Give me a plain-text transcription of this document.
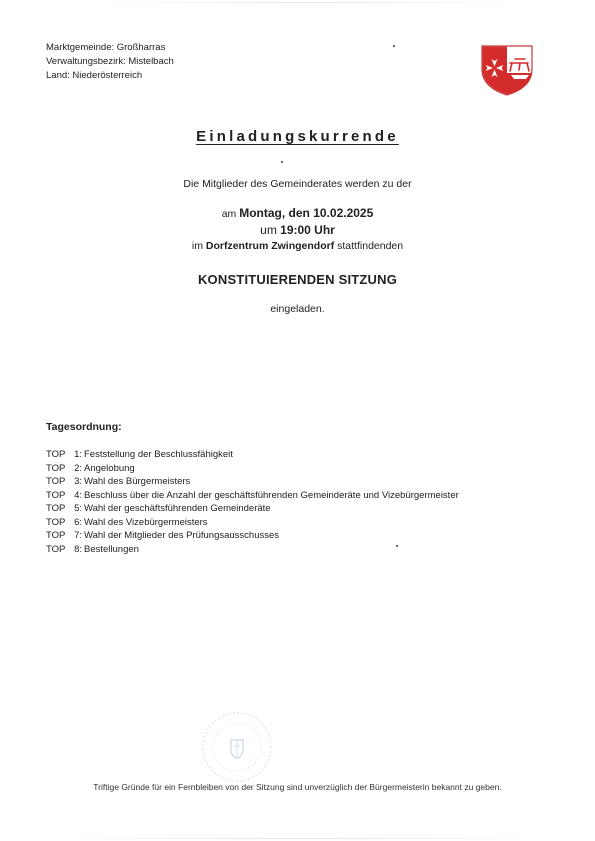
Marktgemeinde: Großharras
Verwaltungsbezirk: Mistelbach
Land: Niederösterreich
Einladungskurrende
Die Mitglieder des Gemeinderates werden zu der
am Montag, den 10.02.2025
um 19:00 Uhr
im Dorfzentrum Zwingendorf stattfindenden
KONSTITUIERENDEN SITZUNG
eingeladen.
Tagesordnung:
TOP 1: Feststellung der Beschlussfähigkeit
TOP 2: Angelobung
TOP 3: Wahl des Bürgermeisters
TOP 4: Beschluss über die Anzahl der geschäftsführenden Gemeinderäte und Vizebürgermeister
TOP 5: Wahl der geschäftsführenden Gemeinderäte
TOP 6: Wahl des Vizebürgermeisters
TOP 7: Wahl der Mitglieder des Prüfungsausschusses
TOP 8: Bestellungen
Triftige Gründe für ein Fernbleiben von der Sitzung sind unverzüglich der Bürgermeisterin bekannt zu geben.
